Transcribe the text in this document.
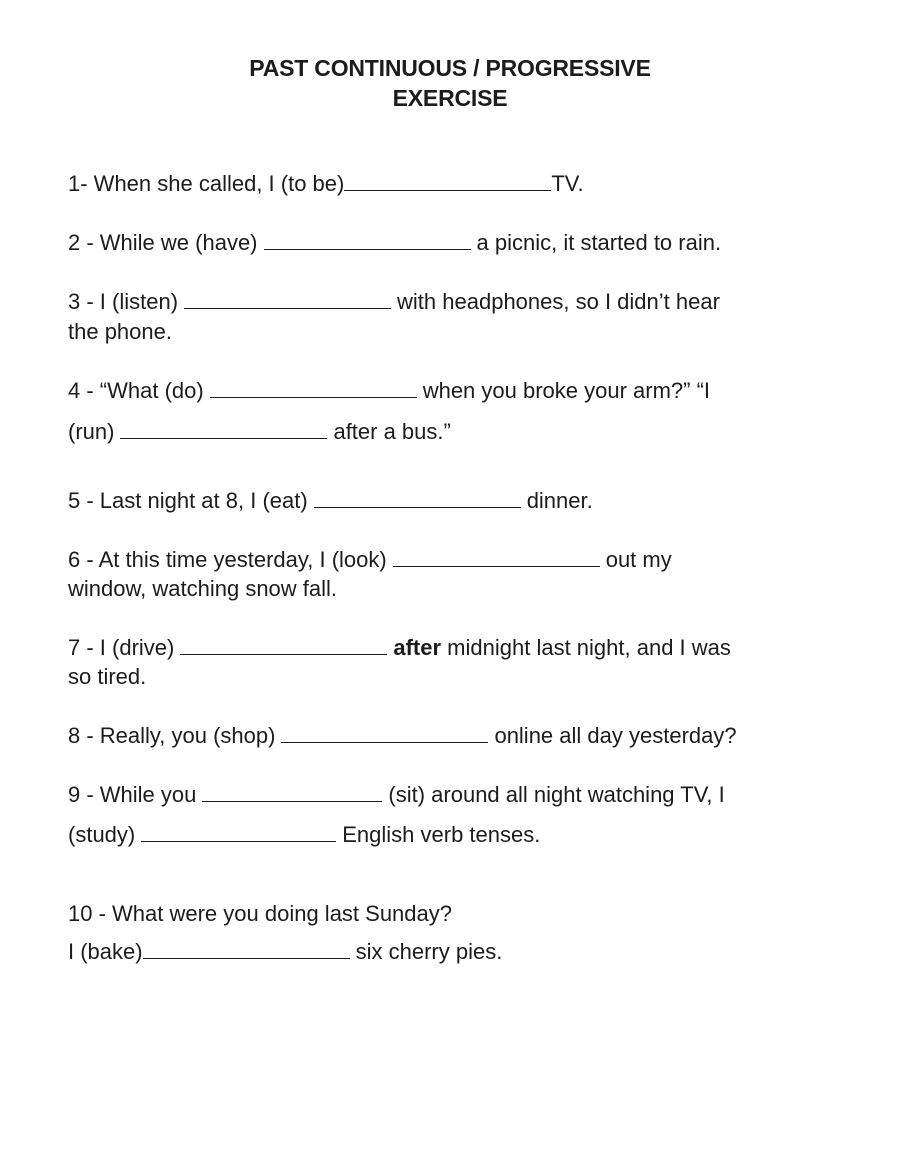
PAST CONTINUOUS / PROGRESSIVE
EXERCISE

1- When she called, I (to be)	TV.

2 - While we (have)	a picnic, it started to rain.

3 - I (listen)	with headphones, so I didn’t hear

the phone.

4 - “What (do)	when you broke your arm?” “I

(run)	after a bus.”

5 - Last night at 8, I (eat)	dinner.

6 - At this time yesterday, I (look)	out my

window, watching snow fall.

7 - I (drive)	after midnight last night, and I was

so tired.

8 - Really, you (shop)	online all day yesterday?

9 - While you	(sit) around all night watching TV, I

(study)	English verb tenses.

10 - What were you doing last Sunday?

I (bake)	six cherry pies.
